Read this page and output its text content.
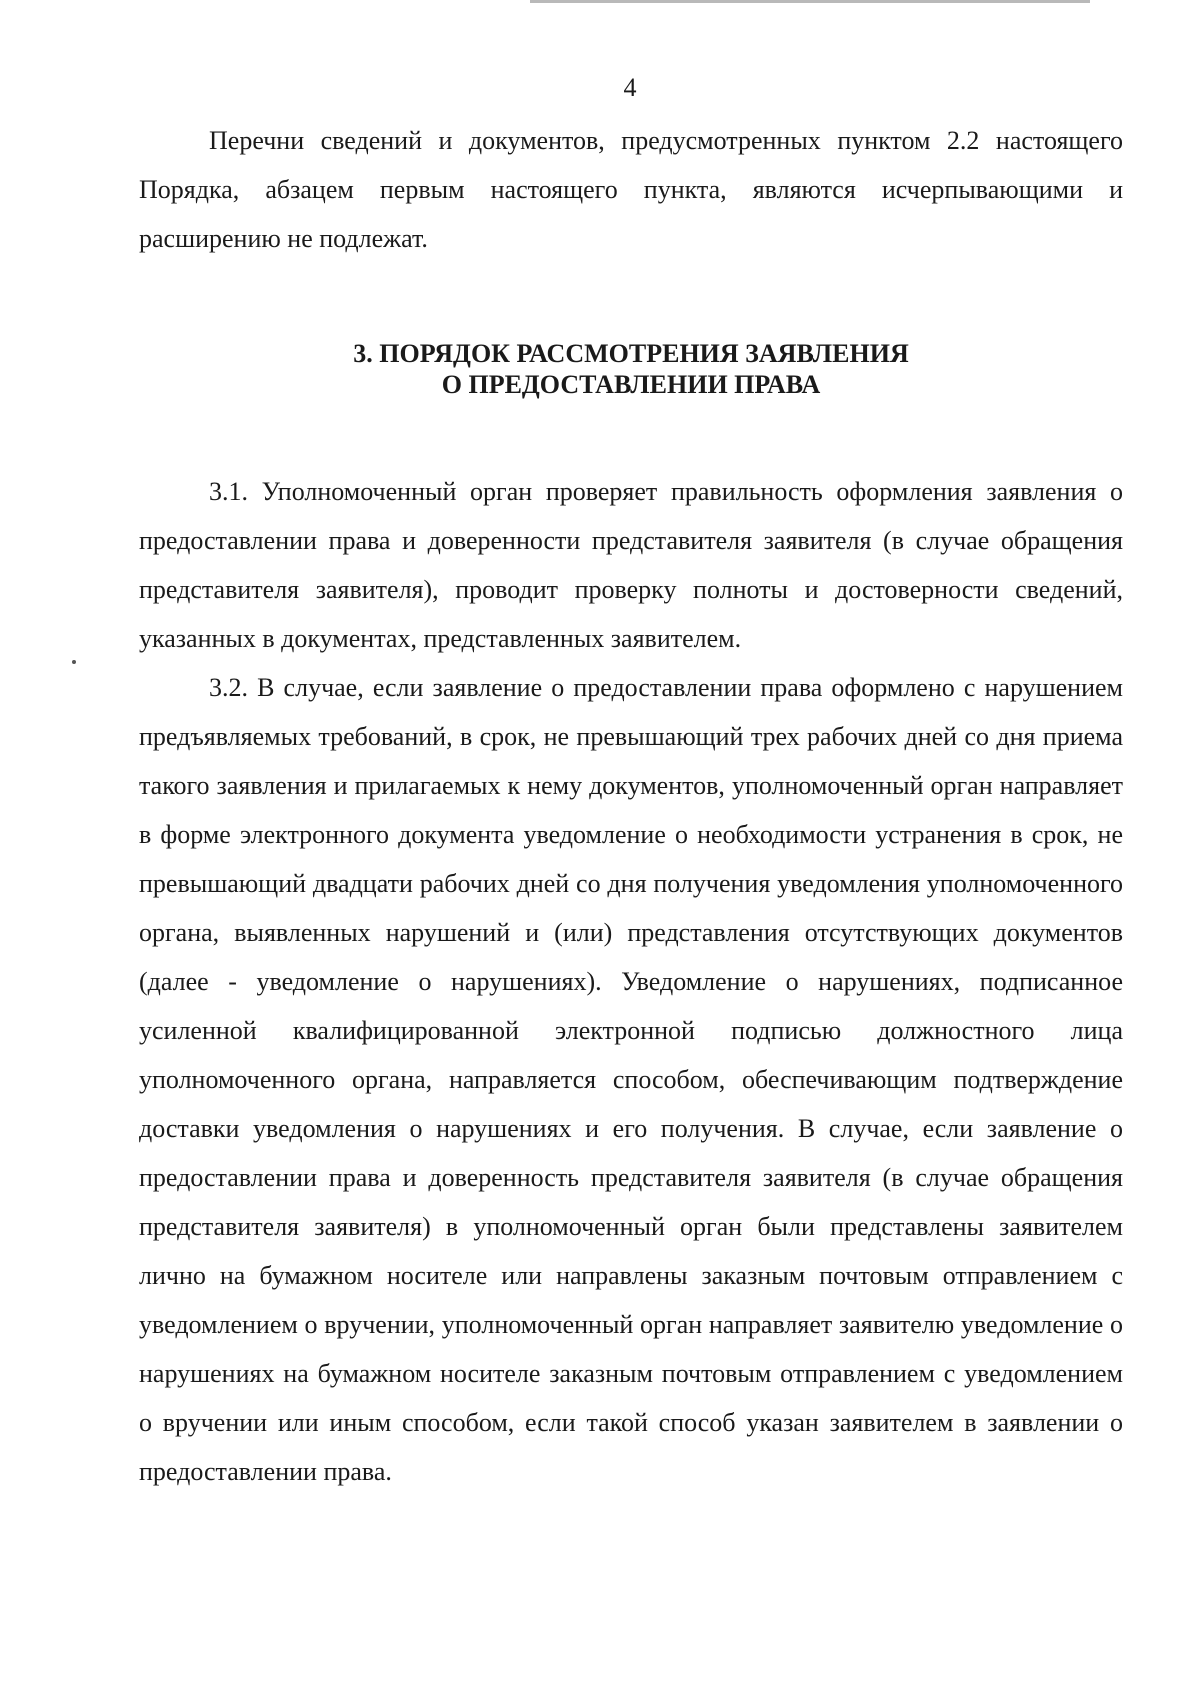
4

Перечни сведений и документов, предусмотренных пунктом 2.2 настоящего Порядка, абзацем первым настоящего пункта, являются исчерпывающими и расширению не подлежат.

3. ПОРЯДОК РАССМОТРЕНИЯ ЗАЯВЛЕНИЯ
О ПРЕДОСТАВЛЕНИИ ПРАВА

3.1. Уполномоченный орган проверяет правильность оформления заявления о предоставлении права и доверенности представителя заявителя (в случае обращения представителя заявителя), проводит проверку полноты и достоверности сведений, указанных в документах, представленных заявителем.

3.2. В случае, если заявление о предоставлении права оформлено с нарушением предъявляемых требований, в срок, не превышающий трех рабочих дней со дня приема такого заявления и прилагаемых к нему документов, уполномоченный орган направляет в форме электронного документа уведомление о необходимости устранения в срок, не превышающий двадцати рабочих дней со дня получения уведомления уполномоченного органа, выявленных нарушений и (или) представления отсутствующих документов (далее - уведомление о нарушениях). Уведомление о нарушениях, подписанное усиленной квалифицированной электронной подписью должностного лица уполномоченного органа, направляется способом, обеспечивающим подтверждение доставки уведомления о нарушениях и его получения. В случае, если заявление о предоставлении права и доверенность представителя заявителя (в случае обращения представителя заявителя) в уполномоченный орган были представлены заявителем лично на бумажном носителе или направлены заказным почтовым отправлением с уведомлением о вручении, уполномоченный орган направляет заявителю уведомление о нарушениях на бумажном носителе заказным почтовым отправлением с уведомлением о вручении или иным способом, если такой способ указан заявителем в заявлении о предоставлении права.
